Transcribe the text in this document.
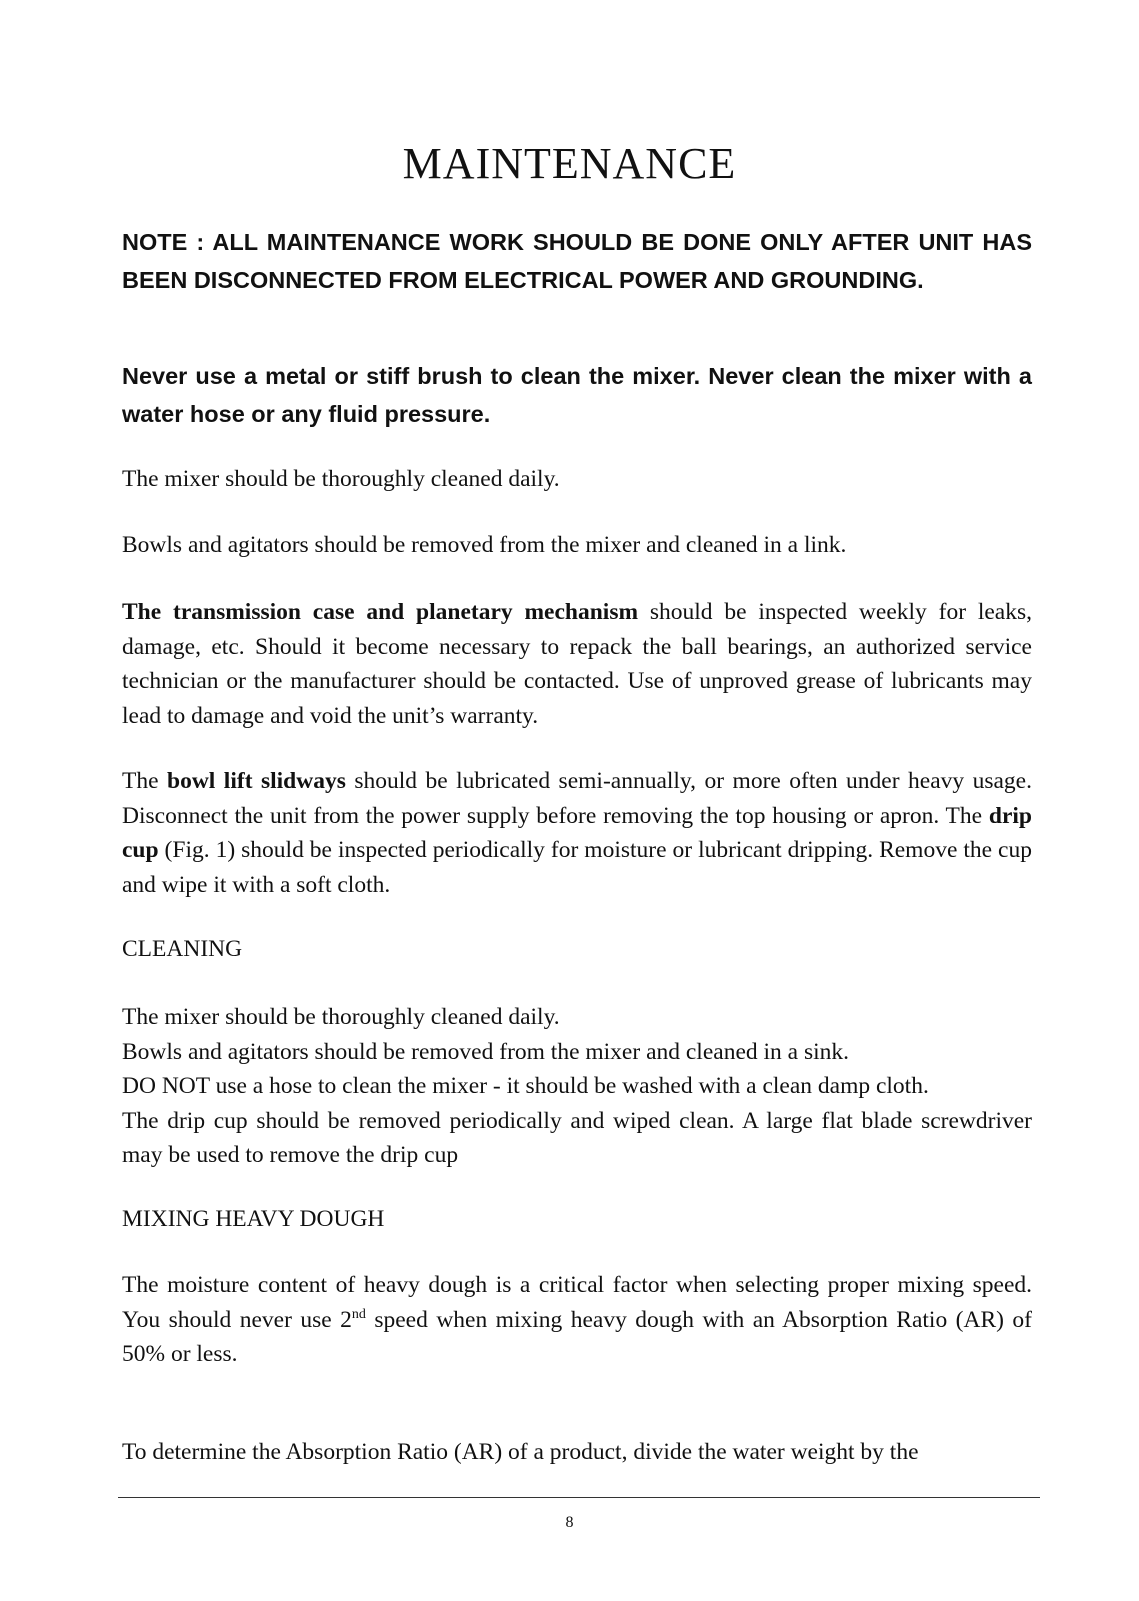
MAINTENANCE

NOTE : ALL MAINTENANCE WORK SHOULD BE DONE ONLY AFTER UNIT HAS BEEN DISCONNECTED FROM ELECTRICAL POWER AND GROUNDING.

Never use a metal or stiff brush to clean the mixer. Never clean the mixer with a water hose or any fluid pressure.

The mixer should be thoroughly cleaned daily.

Bowls and agitators should be removed from the mixer and cleaned in a link.

The transmission case and planetary mechanism should be inspected weekly for leaks, damage, etc. Should it become necessary to repack the ball bearings, an authorized service technician or the manufacturer should be contacted. Use of unproved grease of lubricants may lead to damage and void the unit’s warranty.

The bowl lift slidways should be lubricated semi-annually, or more often under heavy usage. Disconnect the unit from the power supply before removing the top housing or apron. The drip cup (Fig. 1) should be inspected periodically for moisture or lubricant dripping. Remove the cup and wipe it with a soft cloth.

CLEANING

The mixer should be thoroughly cleaned daily.
Bowls and agitators should be removed from the mixer and cleaned in a sink.
DO NOT use a hose to clean the mixer - it should be washed with a clean damp cloth.
The drip cup should be removed periodically and wiped clean. A large flat blade screwdriver may be used to remove the drip cup

MIXING HEAVY DOUGH

The moisture content of heavy dough is a critical factor when selecting proper mixing speed. You should never use 2nd speed when mixing heavy dough with an Absorption Ratio (AR) of 50% or less.

To determine the Absorption Ratio (AR) of a product, divide the water weight by the

8
